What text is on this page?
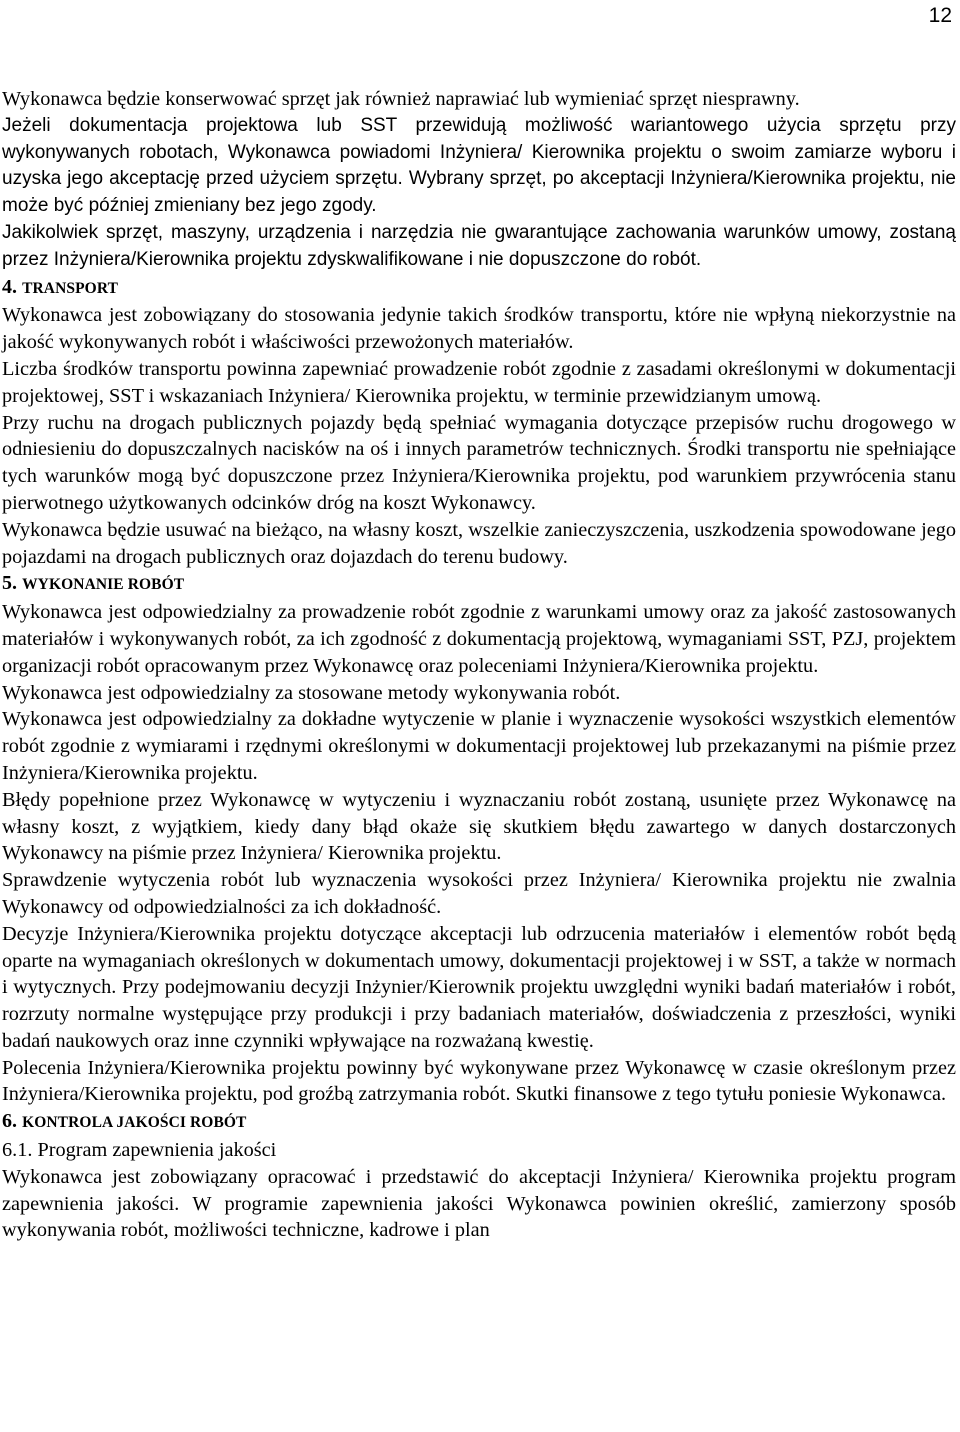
12

Wykonawca będzie konserwować sprzęt jak również naprawiać lub wymieniać sprzęt niesprawny.

Jeżeli dokumentacja projektowa lub SST przewidują możliwość wariantowego użycia sprzętu przy wykonywanych robotach, Wykonawca powiadomi Inżyniera/ Kierownika projektu o swoim zamiarze wyboru i uzyska jego akceptację przed użyciem sprzętu. Wybrany sprzęt, po akceptacji Inżyniera/Kierownika projektu, nie może być później zmieniany bez jego zgody.

Jakikolwiek sprzęt, maszyny, urządzenia i narzędzia nie gwarantujące zachowania warunków umowy, zostaną przez Inżyniera/Kierownika projektu zdyskwalifikowane i nie dopuszczone do robót.

4. TRANSPORT

Wykonawca jest zobowiązany do stosowania jedynie takich środków transportu, które nie wpłyną niekorzystnie na jakość wykonywanych robót i właściwości przewożonych materiałów.

Liczba środków transportu powinna zapewniać prowadzenie robót zgodnie z zasadami określonymi w dokumentacji projektowej, SST i wskazaniach Inżyniera/ Kierownika projektu, w terminie przewidzianym umową.

Przy ruchu na drogach publicznych pojazdy będą spełniać wymagania dotyczące przepisów ruchu drogowego w odniesieniu do dopuszczalnych nacisków na oś i innych parametrów technicznych. Środki transportu nie spełniające tych warunków mogą być dopuszczone przez Inżyniera/Kierownika projektu, pod warunkiem przywrócenia stanu pierwotnego użytkowanych odcinków dróg na koszt Wykonawcy.

Wykonawca będzie usuwać na bieżąco, na własny koszt, wszelkie zanieczyszczenia, uszkodzenia spowodowane jego pojazdami na drogach publicznych oraz dojazdach do terenu budowy.

5. WYKONANIE ROBÓT

Wykonawca jest odpowiedzialny za prowadzenie robót zgodnie z warunkami umowy oraz za jakość zastosowanych materiałów i wykonywanych robót, za ich zgodność z dokumentacją projektową, wymaganiami SST, PZJ, projektem organizacji robót opracowanym przez Wykonawcę oraz poleceniami Inżyniera/Kierownika projektu.

Wykonawca jest odpowiedzialny za stosowane metody wykonywania robót.

Wykonawca jest odpowiedzialny za dokładne wytyczenie w planie i wyznaczenie wysokości wszystkich elementów robót zgodnie z wymiarami i rzędnymi określonymi w dokumentacji projektowej lub przekazanymi na piśmie przez Inżyniera/Kierownika projektu.

Błędy popełnione przez Wykonawcę w wytyczeniu i wyznaczaniu robót zostaną, usunięte przez Wykonawcę na własny koszt, z wyjątkiem, kiedy dany błąd okaże się skutkiem błędu zawartego w danych dostarczonych Wykonawcy na piśmie przez Inżyniera/ Kierownika projektu.

Sprawdzenie wytyczenia robót lub wyznaczenia wysokości przez Inżyniera/ Kierownika projektu nie zwalnia Wykonawcy od odpowiedzialności za ich dokładność.

Decyzje Inżyniera/Kierownika projektu dotyczące akceptacji lub odrzucenia materiałów i elementów robót będą oparte na wymaganiach określonych w dokumentach umowy, dokumentacji projektowej i w SST, a także w normach i wytycznych. Przy podejmowaniu decyzji Inżynier/Kierownik projektu uwzględni wyniki badań materiałów i robót, rozrzuty normalne występujące przy produkcji i przy badaniach materiałów, doświadczenia z przeszłości, wyniki badań naukowych oraz inne czynniki wpływające na rozważaną kwestię.

Polecenia Inżyniera/Kierownika projektu powinny być wykonywane przez Wykonawcę w czasie określonym przez Inżyniera/Kierownika projektu, pod groźbą zatrzymania robót. Skutki finansowe z tego tytułu poniesie Wykonawca.

6. KONTROLA JAKOŚCI ROBÓT

6.1. Program zapewnienia jakości

Wykonawca jest zobowiązany opracować i przedstawić do akceptacji Inżyniera/ Kierownika projektu program zapewnienia jakości. W programie zapewnienia jakości Wykonawca powinien określić, zamierzony sposób wykonywania robót, możliwości techniczne, kadrowe i plan
